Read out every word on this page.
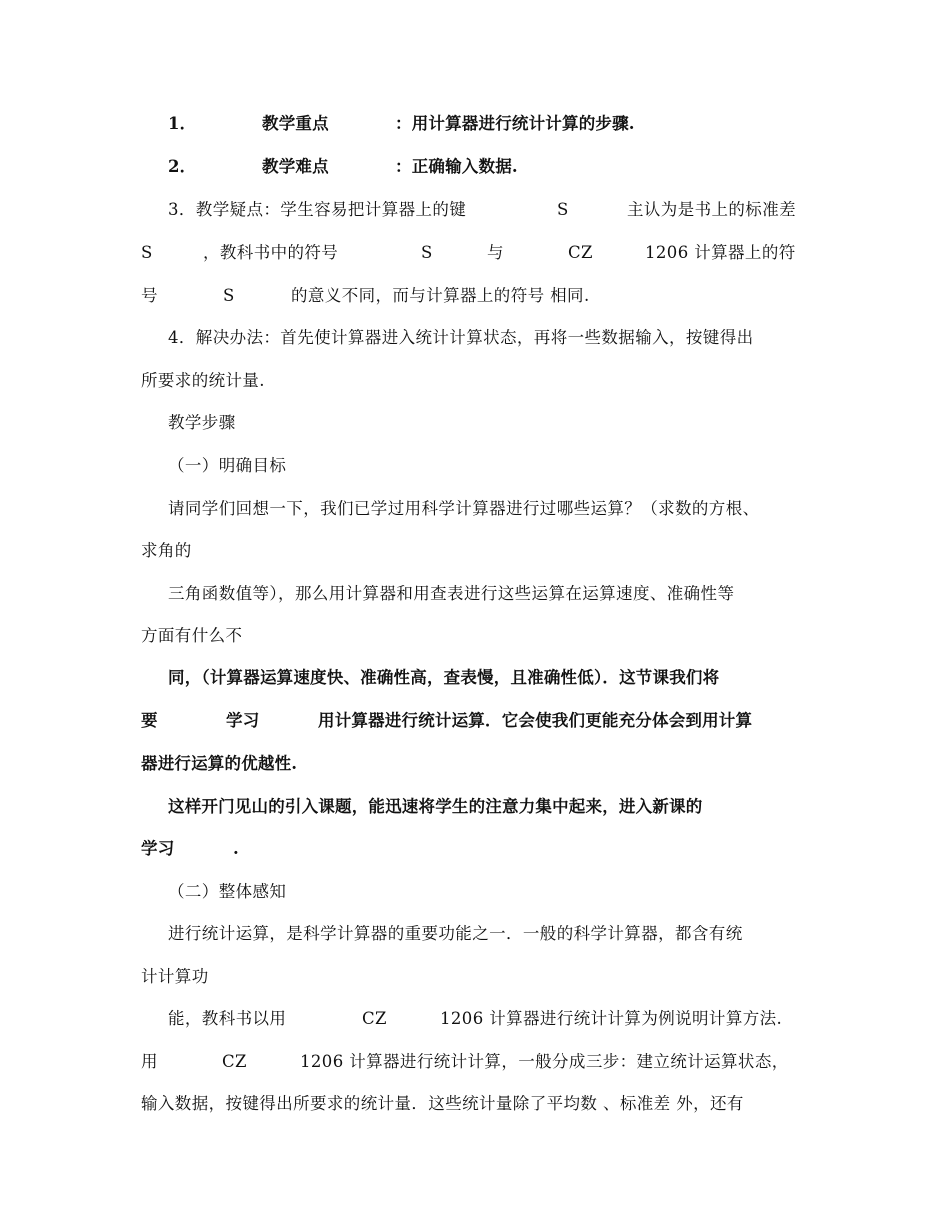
1．

	教学重点

	：用计算器进行统计计算的步骤.

2．

	教学难点

	：正确输入数据.

3．教学疑点：学生容易把计算器上的键

	S

	主认为是书上的标准差

S

	，教科书中的符号

	S

	与

	CZ

	1206 计算器上的符

号

	S

	的意义不同，而与计算器上的符号 相同.

4．解决办法：首先使计算器进入统计计算状态，再将一些数据输入，按键得出
所要求的统计量.
教学步骤
（一）明确目标
请同学们回想一下，我们已学过用科学计算器进行过哪些运算？（求数的方根、
求角的
三角函数值等），那么用计算器和用查表进行这些运算在运算速度、准确性等
方面有什么不
同，（计算器运算速度快、准确性高，查表慢，且准确性低）．这节课我们将

要

	学习

	用计算器进行统计运算．它会使我们更能充分体会到用计算

器进行运算的优越性.
这样开门见山的引入课题，能迅速将学生的注意力集中起来，进入新课的

学习

	.

（二）整体感知
进行统计运算，是科学计算器的重要功能之一．一般的科学计算器，都含有统
计计算功

能，教科书以用

	CZ

	1206 计算器进行统计计算为例说明计算方法.

用

	CZ

	1206 计算器进行统计计算，一般分成三步：建立统计运算状态，

输入数据，按键得出所要求的统计量．这些统计量除了平均数 、标准差 外，还有
